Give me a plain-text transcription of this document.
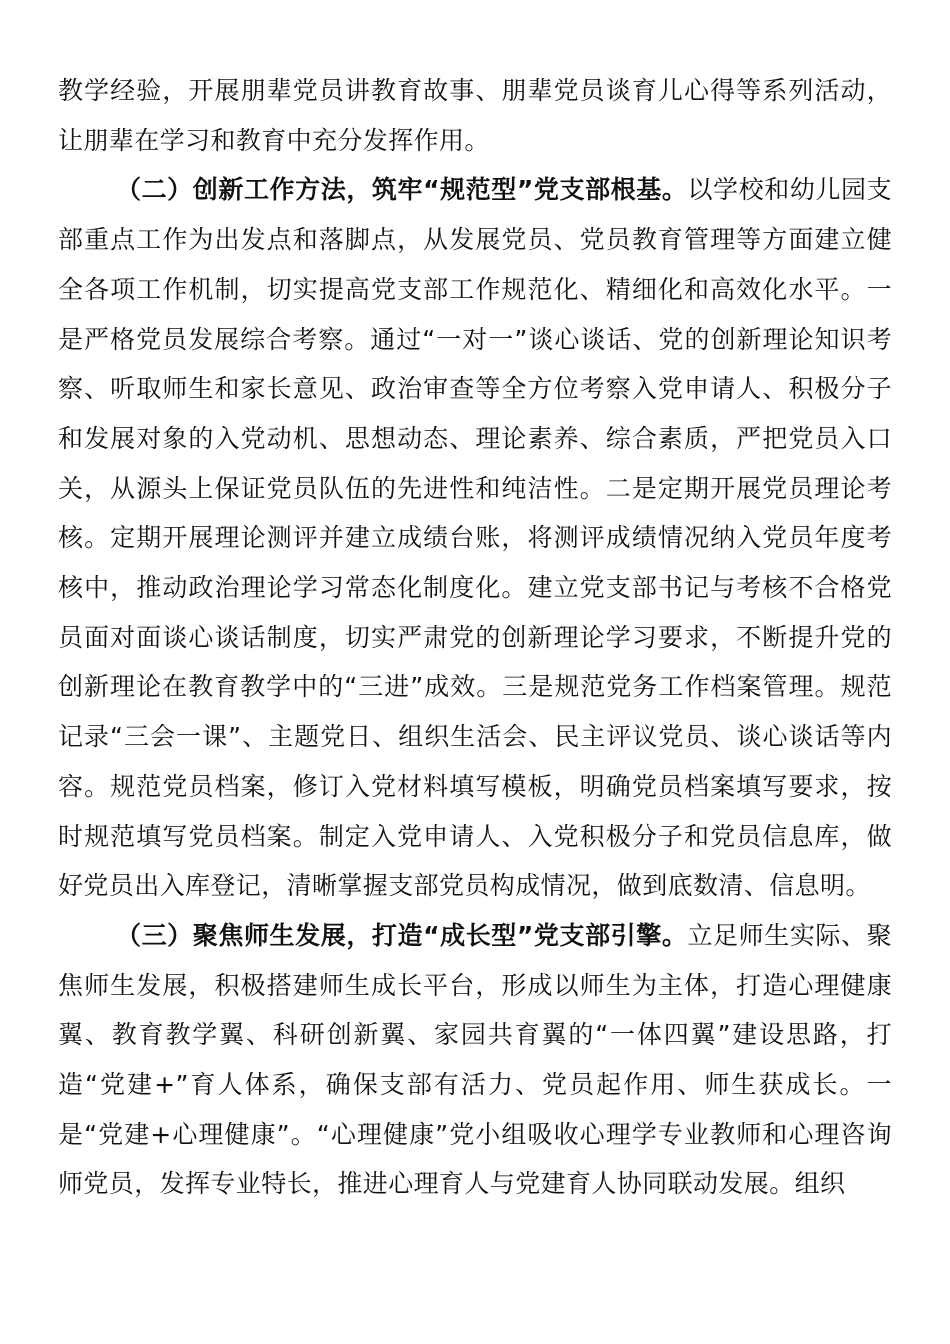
教学经验，开展朋辈党员讲教育故事、朋辈党员谈育儿心得等系列活动，让朋辈在学习和教育中充分发挥作用。

（二）创新工作方法，筑牢“规范型”党支部根基。以学校和幼儿园支部重点工作为出发点和落脚点，从发展党员、党员教育管理等方面建立健全各项工作机制，切实提高党支部工作规范化、精细化和高效化水平。一是严格党员发展综合考察。通过“一对一”谈心谈话、党的创新理论知识考察、听取师生和家长意见、政治审查等全方位考察入党申请人、积极分子和发展对象的入党动机、思想动态、理论素养、综合素质，严把党员入口关，从源头上保证党员队伍的先进性和纯洁性。二是定期开展党员理论考核。定期开展理论测评并建立成绩台账，将测评成绩情况纳入党员年度考核中，推动政治理论学习常态化制度化。建立党支部书记与考核不合格党员面对面谈心谈话制度，切实严肃党的创新理论学习要求，不断提升党的创新理论在教育教学中的“三进”成效。三是规范党务工作档案管理。规范记录“三会一课”、主题党日、组织生活会、民主评议党员、谈心谈话等内容。规范党员档案，修订入党材料填写模板，明确党员档案填写要求，按时规范填写党员档案。制定入党申请人、入党积极分子和党员信息库，做好党员出入库登记，清晰掌握支部党员构成情况，做到底数清、信息明。

（三）聚焦师生发展，打造“成长型”党支部引擎。立足师生实际、聚焦师生发展，积极搭建师生成长平台，形成以师生为主体，打造心理健康翼、教育教学翼、科研创新翼、家园共育翼的“一体四翼”建设思路，打造“党建+”育人体系，确保支部有活力、党员起作用、师生获成长。一是“党建+心理健康”。“心理健康”党小组吸收心理学专业教师和心理咨询师党员，发挥专业特长，推进心理育人与党建育人协同联动发展。组织
